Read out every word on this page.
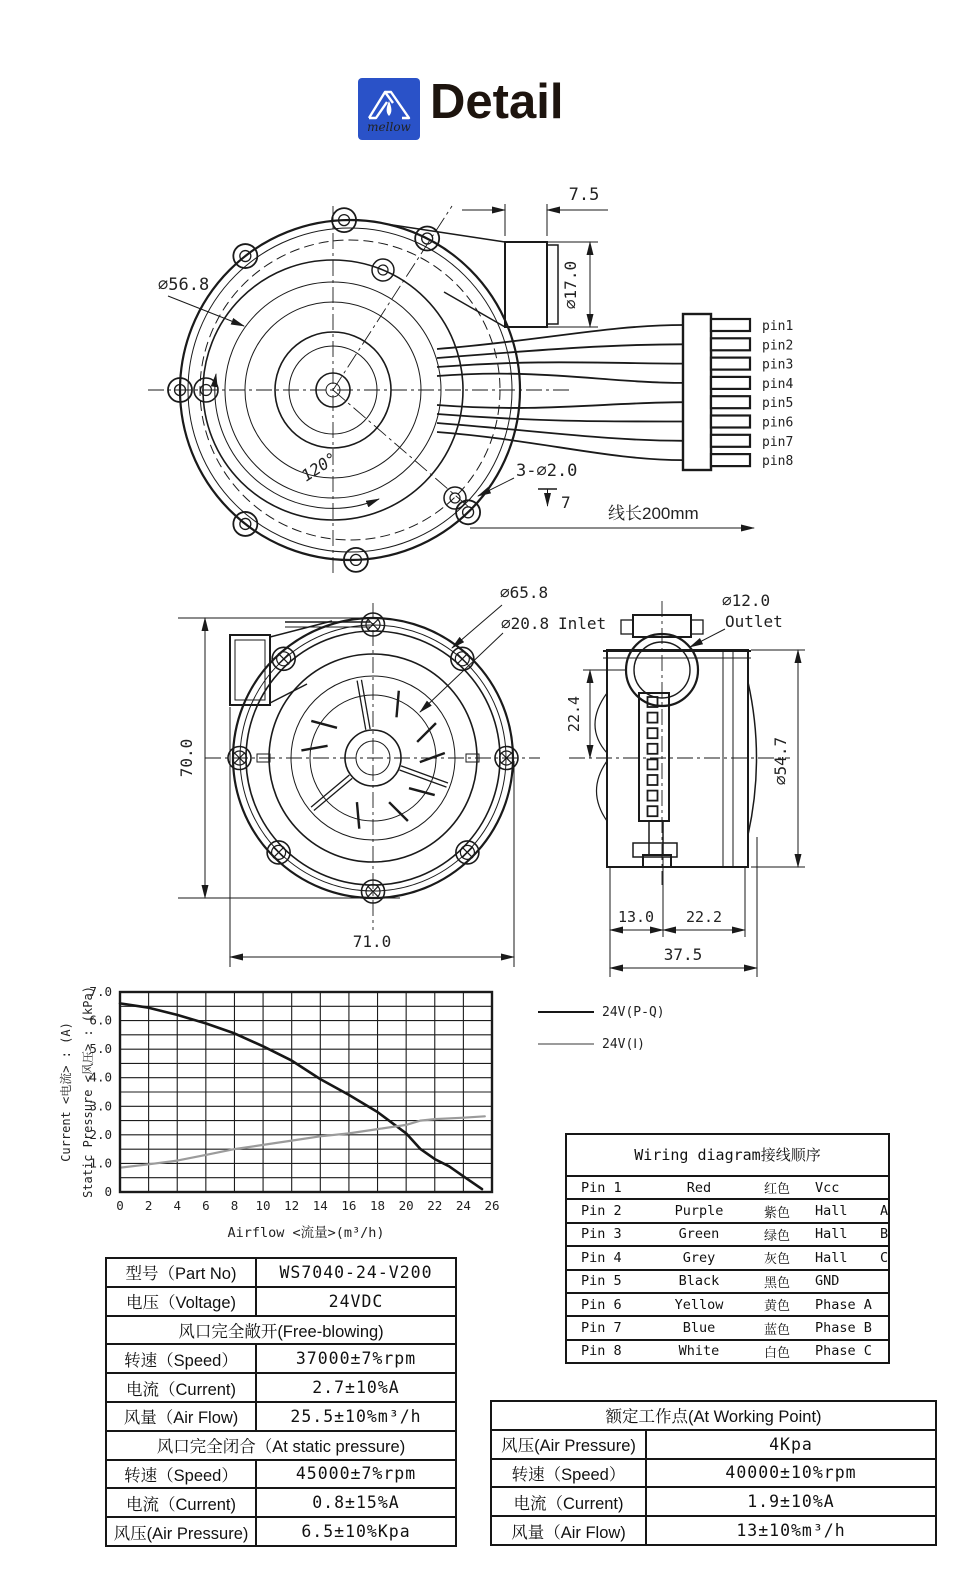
mellow Detail
pin1
pin2
pin3
pin4
pin5
pin6
pin7
pin8
7.5
∅17.0
∅56.8
120°	3-∅2.0
7
线长200mm
70.0
71.0
∅65.8
∅20.8 Inlet
22.4
∅54.7
13.0 22.2
37.5
∅12.0
Outlet
0 2 4 6 8 10 12 14 16 18 20 22 24 26
0
1.0
2.0
3.0
4.0
5.0
6.0
7.0
Current <电流> : (A) Static Pressure <风压> : (kPa)
Airflow <流量>(m³/h)
24V(P-Q)
24V(Ⅰ)
Wiring diagram接线顺序
Pin 1	Red	红色	Vcc
Pin 2	Purple	紫色	Hall    A
Pin 3	Green	绿色	Hall    B
Pin 4	Grey	灰色	Hall    C
Pin 5	Black	黑色	GND
Pin 6	Yellow	黄色	Phase A
Pin 7	Blue	蓝色	Phase B
Pin 8	White	白色	Phase C
型号（Part No)	WS7040-24-V200
电压（Voltage)	24VDC
风口完全敞开(Free-blowing)	
转速（Speed）	37000±7%rpm
电流（Current)	2.7±10%A
风量（Air Flow)	25.5±10%m³/h
风口完全闭合（At static pressure)	
转速（Speed）	45000±7%rpm
电流（Current)	0.8±15%A
风压(Air Pressure)	6.5±10%Kpa
额定工作点(At Working Point)	
风压(Air Pressure)	4Kpa
转速（Speed）	40000±10%rpm
电流（Current)	1.9±10%A
风量（Air Flow)	13±10%m³/h
